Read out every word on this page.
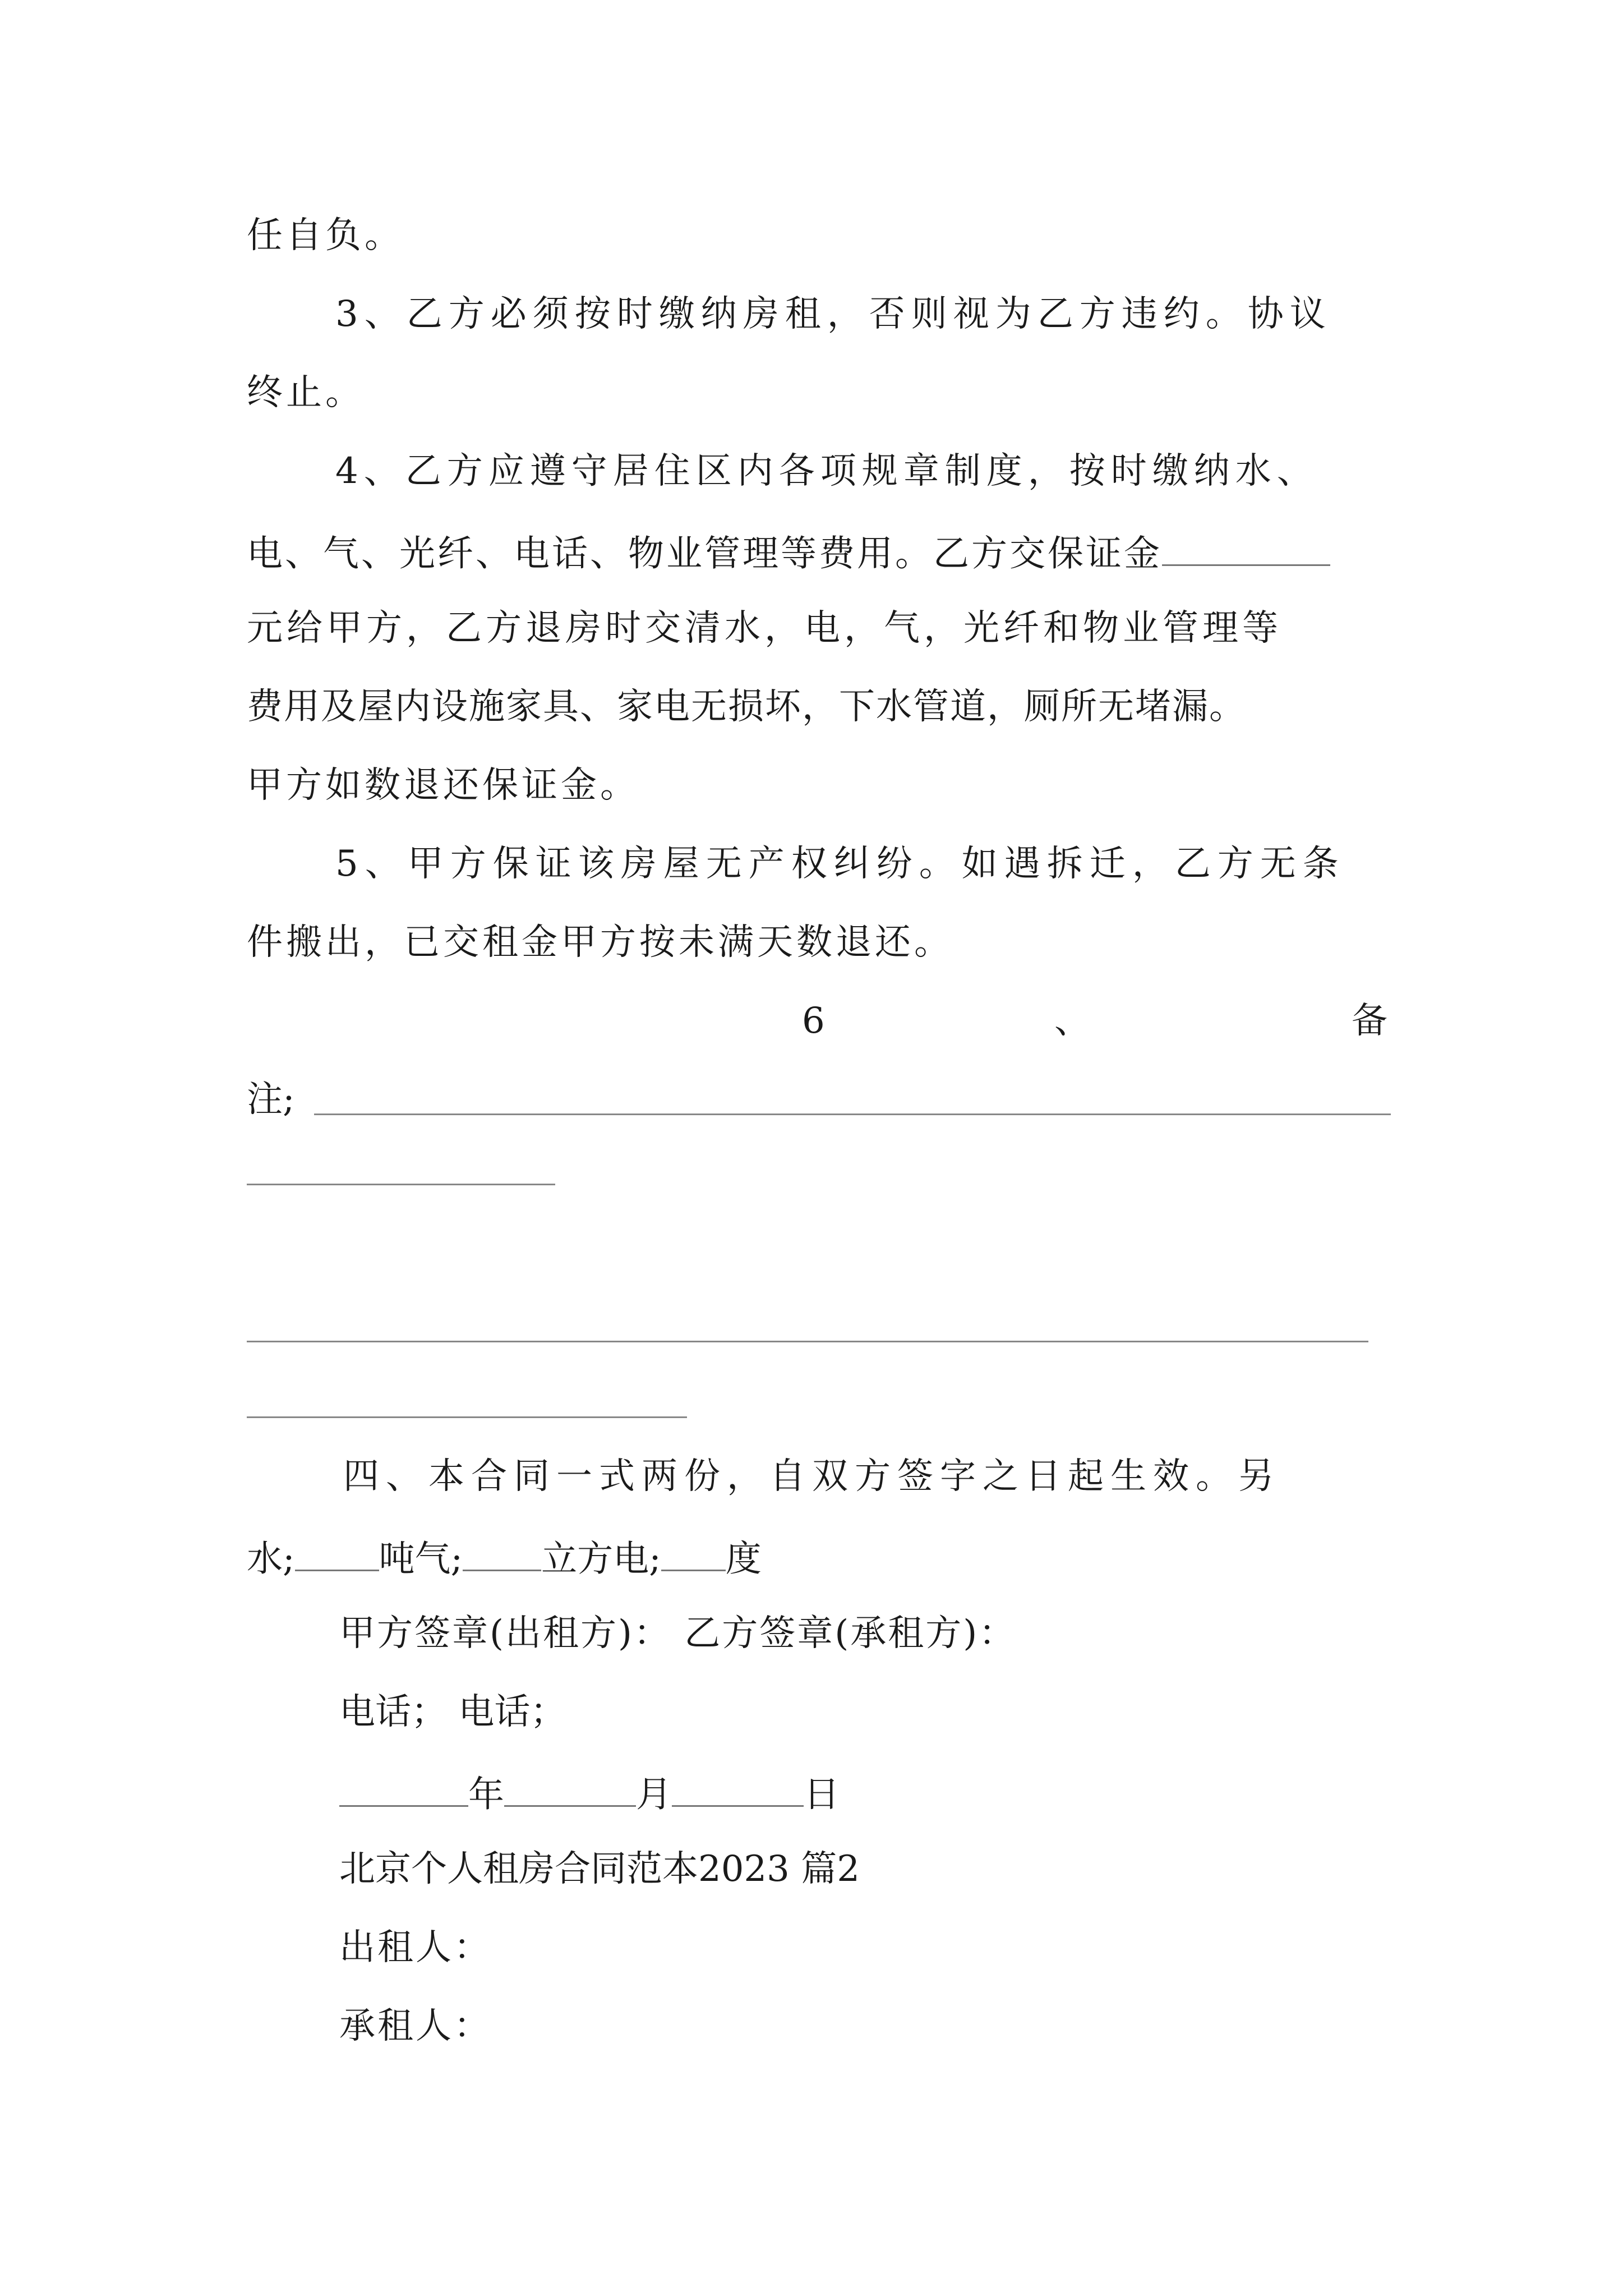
任自负。
3、乙方必须按时缴纳房租，否则视为乙方违约。协议
终止。
4、乙方应遵守居住区内各项规章制度，按时缴纳水、
电、气、光纤、电话、物业管理等费用。乙方交保证金
元给甲方，乙方退房时交清水，电，气，光纤和物业管理等
费用及屋内设施家具、家电无损坏，下水管道，厕所无堵漏。
甲方如数退还保证金。
5、甲方保证该房屋无产权纠纷。如遇拆迁，乙方无条
件搬出，已交租金甲方按未满天数退还。
6	、	备
注;
四、本合同一式两份，自双方签字之日起生效。另
水; 吨气; 立方电; 度
甲方签章(出租方)： 乙方签章(承租方)：
电话； 电话；
年	月	日
北京个人租房合同范本2023 篇2
出租人：
承租人：
